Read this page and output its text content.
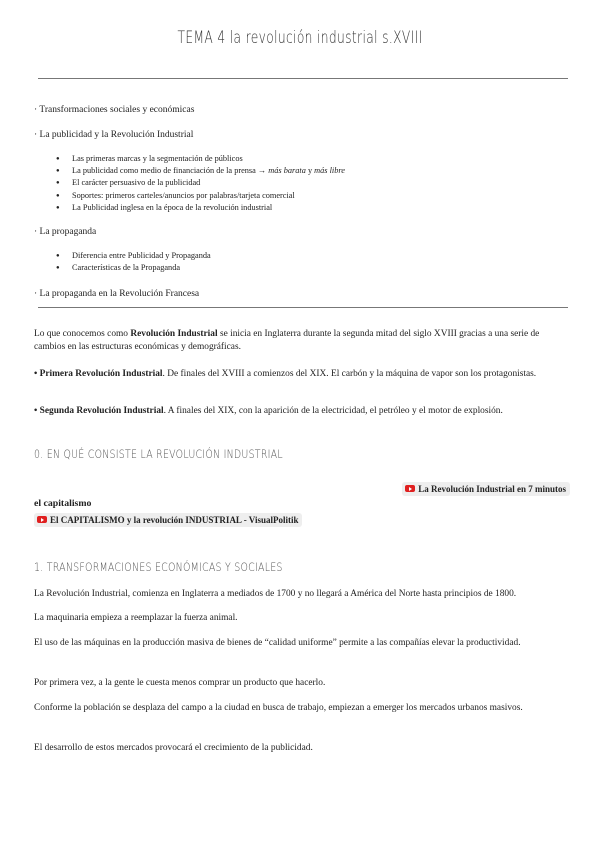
TEMA 4 la revolución industrial s.XVIII
· Transformaciones sociales y económicas
· La publicidad y la Revolución Industrial
● Las primeras marcas y la segmentación de públicos
● La publicidad como medio de financiación de la prensa → más barata y más libre
● El carácter persuasivo de la publicidad
● Soportes: primeros carteles/anuncios por palabras/tarjeta comercial
● La Publicidad inglesa en la época de la revolución industrial
· La propaganda
● Diferencia entre Publicidad y Propaganda
● Características de la Propaganda
· La propaganda en la Revolución Francesa
Lo que conocemos como Revolución Industrial se inicia en Inglaterra durante la segunda mitad del siglo XVIII gracias a una serie de cambios en las estructuras económicas y demográficas.
• Primera Revolución Industrial. De finales del XVIII a comienzos del XIX. El carbón y la máquina de vapor son los protagonistas.
• Segunda Revolución Industrial. A finales del XIX, con la aparición de la electricidad, el petróleo y el motor de explosión.
0. EN QUÉ CONSISTE LA REVOLUCIÓN INDUSTRIAL
La Revolución Industrial en 7 minutos
el capitalismo
El CAPITALISMO y la revolución INDUSTRIAL - VisualPolitik
1. TRANSFORMACIONES ECONÓMICAS Y SOCIALES
La Revolución Industrial, comienza en Inglaterra a mediados de 1700 y no llegará a América del Norte hasta principios de 1800.
La maquinaria empieza a reemplazar la fuerza animal.
El uso de las máquinas en la producción masiva de bienes de “calidad uniforme” permite a las compañías elevar la productividad.
Por primera vez, a la gente le cuesta menos comprar un producto que hacerlo.
Conforme la población se desplaza del campo a la ciudad en busca de trabajo, empiezan a emerger los mercados urbanos masivos.
El desarrollo de estos mercados provocará el crecimiento de la publicidad.
